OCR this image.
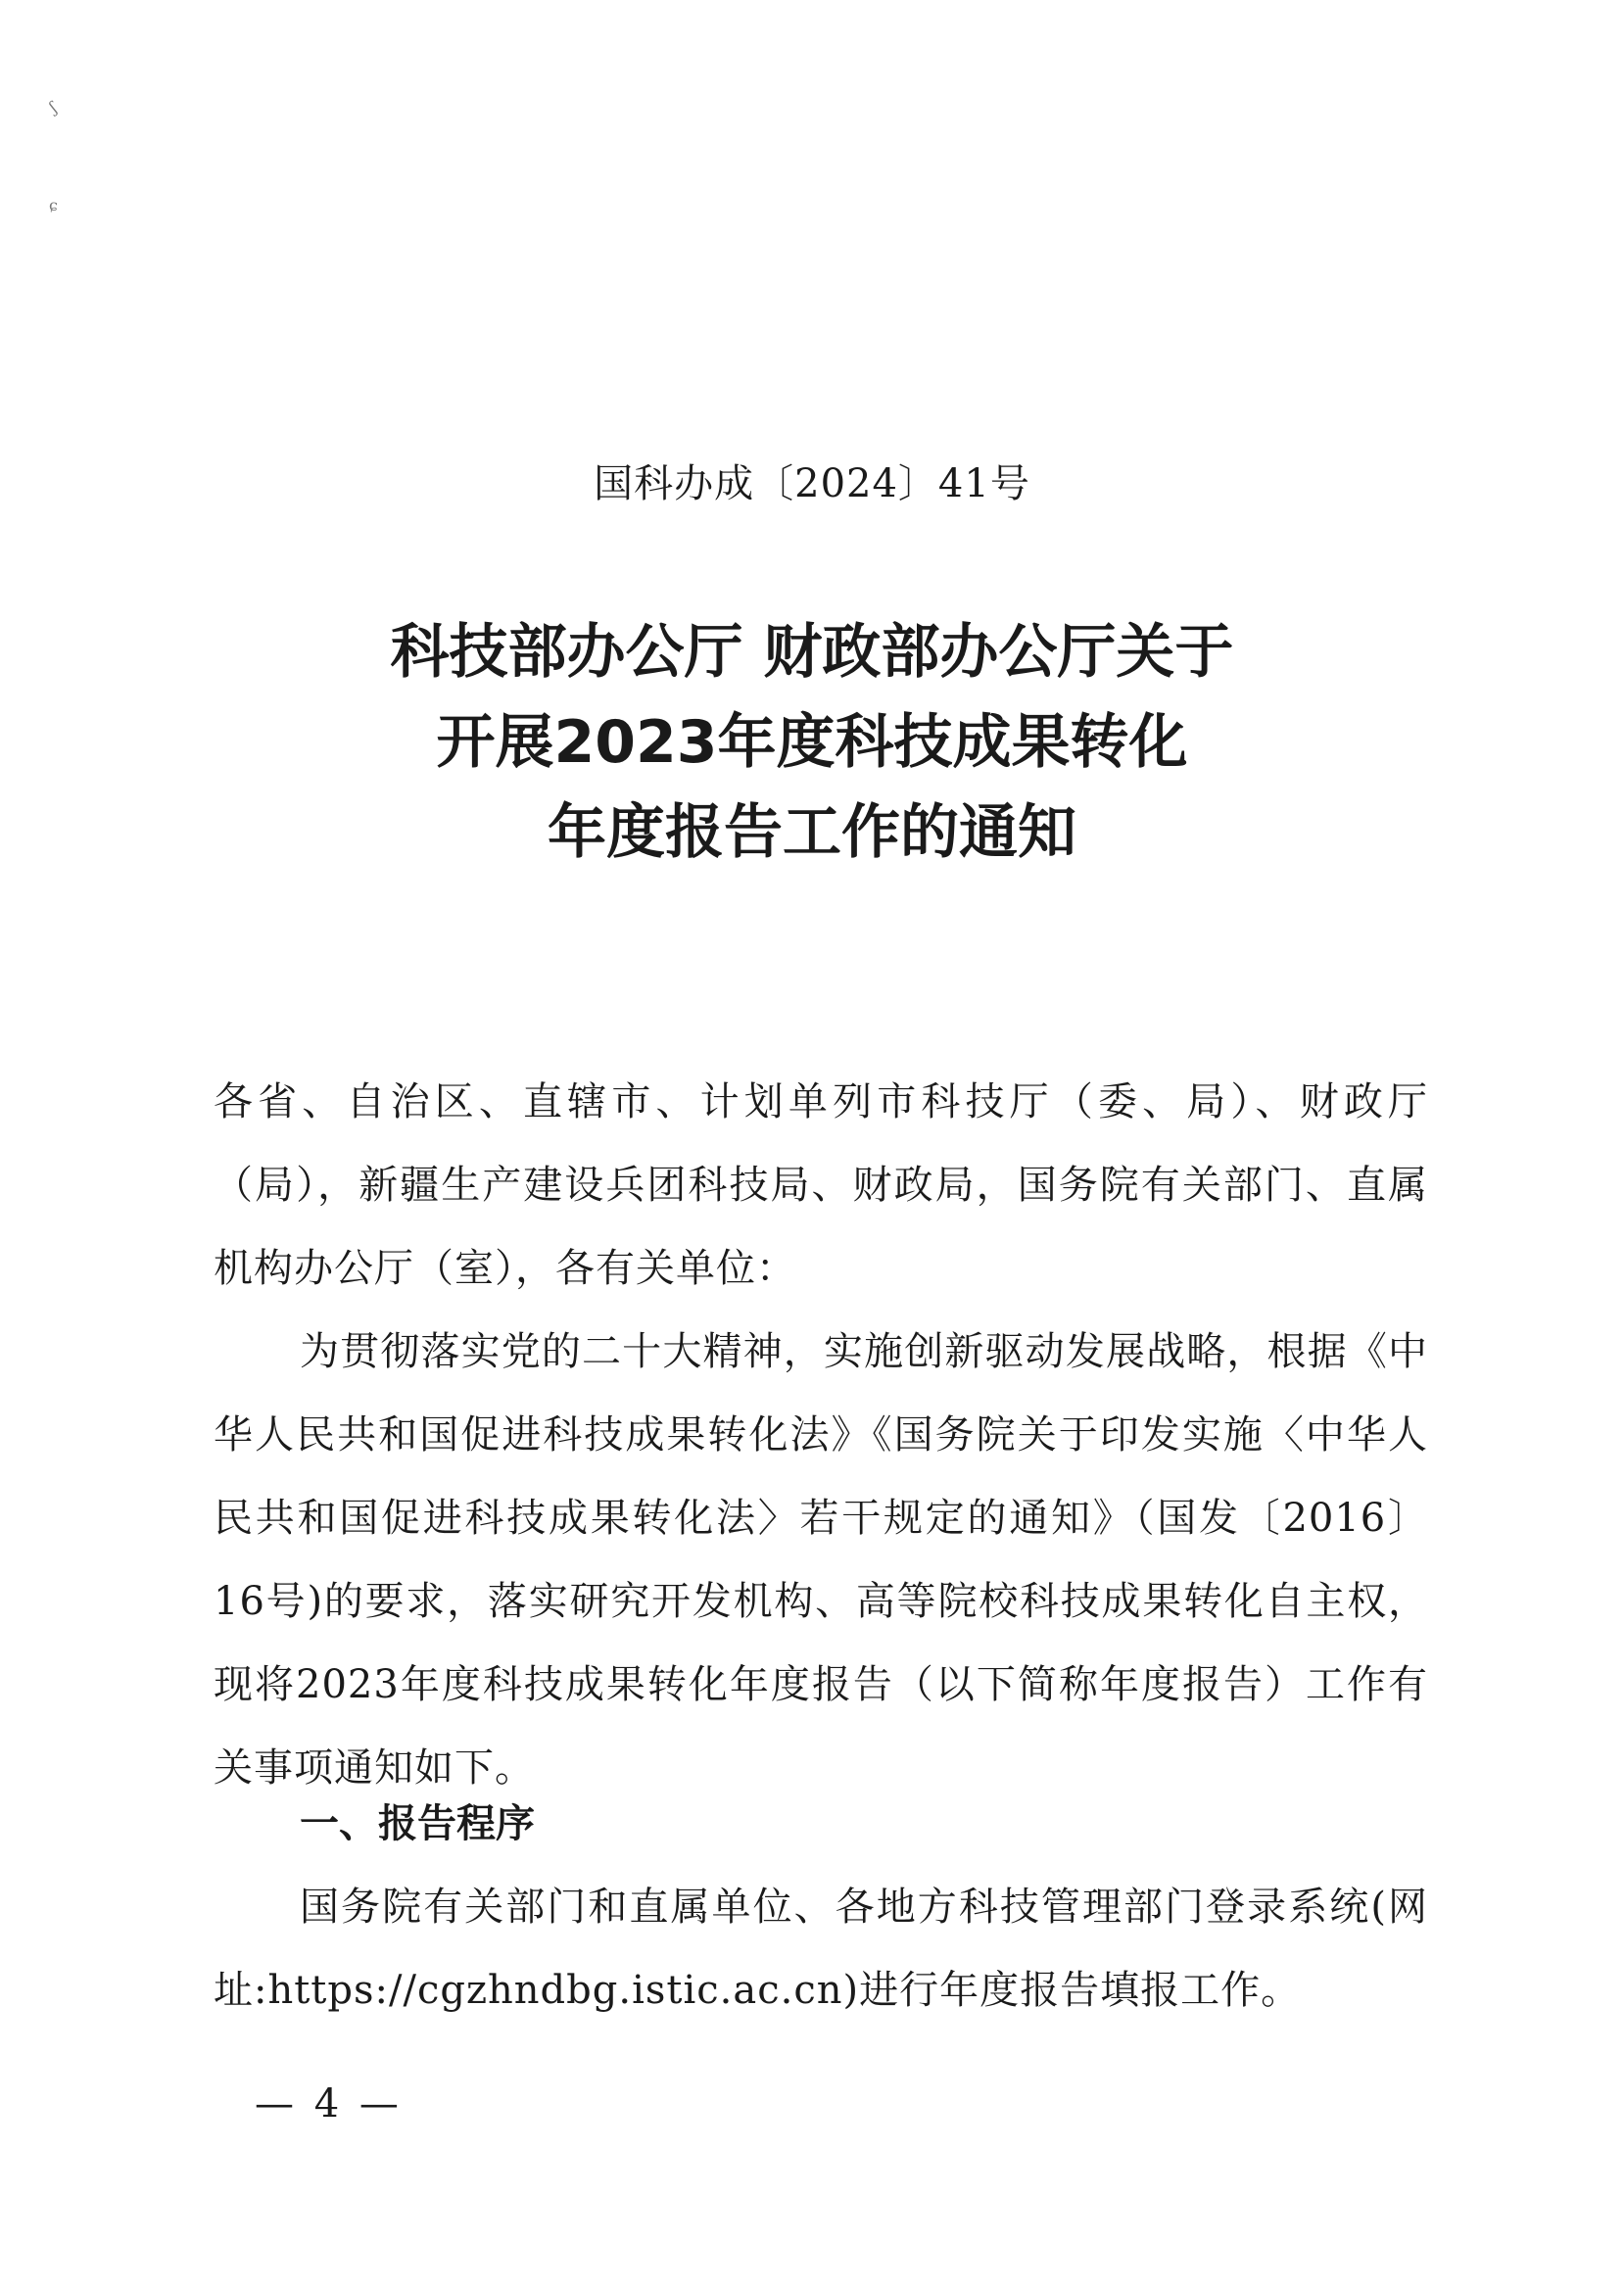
ʃ
ɕ
国科办成〔2024〕41号
科技部办公厅 财政部办公厅关于
开展2023年度科技成果转化
年度报告工作的通知
各省、自治区、直辖市、计划单列市科技厅（委、局）、财政厅（局），新疆生产建设兵团科技局、财政局，国务院有关部门、直属机构办公厅（室），各有关单位：
为贯彻落实党的二十大精神，实施创新驱动发展战略，根据《中华人民共和国促进科技成果转化法》《国务院关于印发实施〈中华人民共和国促进科技成果转化法〉若干规定的通知》（国发〔2016〕16号)的要求，落实研究开发机构、高等院校科技成果转化自主权，现将2023年度科技成果转化年度报告（以下简称年度报告）工作有关事项通知如下。
一、报告程序
国务院有关部门和直属单位、各地方科技管理部门登录系统(网址:https://cgzhndbg.istic.ac.cn)进行年度报告填报工作。
— 4 —
